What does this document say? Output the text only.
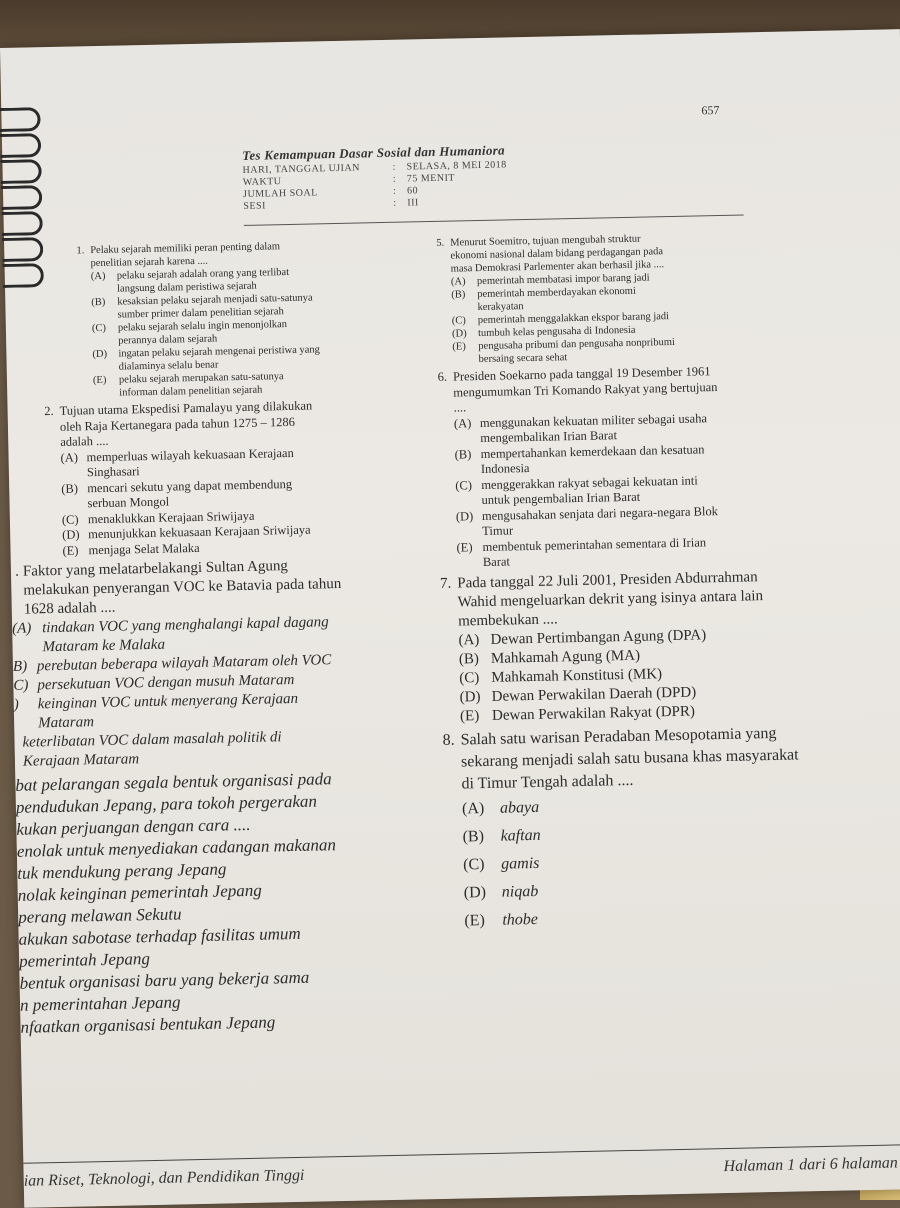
657
Tes Kemampuan Dasar Sosial dan Humaniora
HARI, TANGGAL UJIAN	:	SELASA, 8 MEI 2018
WAKTU	:	75 MENIT
JUMLAH SOAL	:	60
SESI	:	III
1. Pelaku sejarah memiliki peran penting dalam
penelitian sejarah karena ....
(A)	pelaku sejarah adalah orang yang terlibat
langsung dalam peristiwa sejarah
(B)	kesaksian pelaku sejarah menjadi satu-satunya
sumber primer dalam penelitian sejarah
(C)	pelaku sejarah selalu ingin menonjolkan
perannya dalam sejarah
(D)	ingatan pelaku sejarah mengenai peristiwa yang
dialaminya selalu benar
(E)	pelaku sejarah merupakan satu-satunya
informan dalam penelitian sejarah
2. Tujuan utama Ekspedisi Pamalayu yang dilakukan
oleh Raja Kertanegara pada tahun 1275 – 1286
adalah ....
(A) memperluas wilayah kekuasaan Kerajaan
Singhasari
(B) mencari sekutu yang dapat membendung
serbuan Mongol
(C) menaklukkan Kerajaan Sriwijaya
(D) menunjukkan kekuasaan Kerajaan Sriwijaya
(E) menjaga Selat Malaka
. Faktor yang melatarbelakangi Sultan Agung
melakukan penyerangan VOC ke Batavia pada tahun
1628 adalah ....
(A) tindakan VOC yang menghalangi kapal dagang
Mataram ke Malaka
B) perebutan beberapa wilayah Mataram oleh VOC
C) persekutuan VOC dengan musuh Mataram
)	keinginan VOC untuk menyerang Kerajaan
Mataram
keterlibatan VOC dalam masalah politik di
Kerajaan Mataram
bat pelarangan segala bentuk organisasi pada
pendudukan Jepang, para tokoh pergerakan
kukan perjuangan dengan cara ....
enolak untuk menyediakan cadangan makanan
tuk mendukung perang Jepang
nolak keinginan pemerintah Jepang
perang melawan Sekutu
akukan sabotase terhadap fasilitas umum
pemerintah Jepang
bentuk organisasi baru yang bekerja sama
n pemerintahan Jepang
nfaatkan organisasi bentukan Jepang
5. Menurut Soemitro, tujuan mengubah struktur
ekonomi nasional dalam bidang perdagangan pada
masa Demokrasi Parlementer akan berhasil jika ....
(A)	pemerintah membatasi impor barang jadi
(B)	pemerintah memberdayakan ekonomi
kerakyatan
(C)	pemerintah menggalakkan ekspor barang jadi
(D)	tumbuh kelas pengusaha di Indonesia
(E)	pengusaha pribumi dan pengusaha nonpribumi
bersaing secara sehat
6. Presiden Soekarno pada tanggal 19 Desember 1961
mengumumkan Tri Komando Rakyat yang bertujuan
....
(A) menggunakan kekuatan militer sebagai usaha
mengembalikan Irian Barat
(B) mempertahankan kemerdekaan dan kesatuan
Indonesia
(C) menggerakkan rakyat sebagai kekuatan inti
untuk pengembalian Irian Barat
(D) mengusahakan senjata dari negara-negara Blok
Timur
(E) membentuk pemerintahan sementara di Irian
Barat
7. Pada tanggal 22 Juli 2001, Presiden Abdurrahman
Wahid mengeluarkan dekrit yang isinya antara lain
membekukan ....
(A) Dewan Pertimbangan Agung (DPA)
(B) Mahkamah Agung (MA)
(C) Mahkamah Konstitusi (MK)
(D) Dewan Perwakilan Daerah (DPD)
(E) Dewan Perwakilan Rakyat (DPR)
8. Salah satu warisan Peradaban Mesopotamia yang
sekarang menjadi salah satu busana khas masyarakat
di Timur Tengah adalah ....
(A) abaya
(B)	kaftan
(C)	gamis
(D) niqab
(E)	thobe
ian Riset, Teknologi, dan Pendidikan Tinggi
Halaman 1 dari 6 halaman
